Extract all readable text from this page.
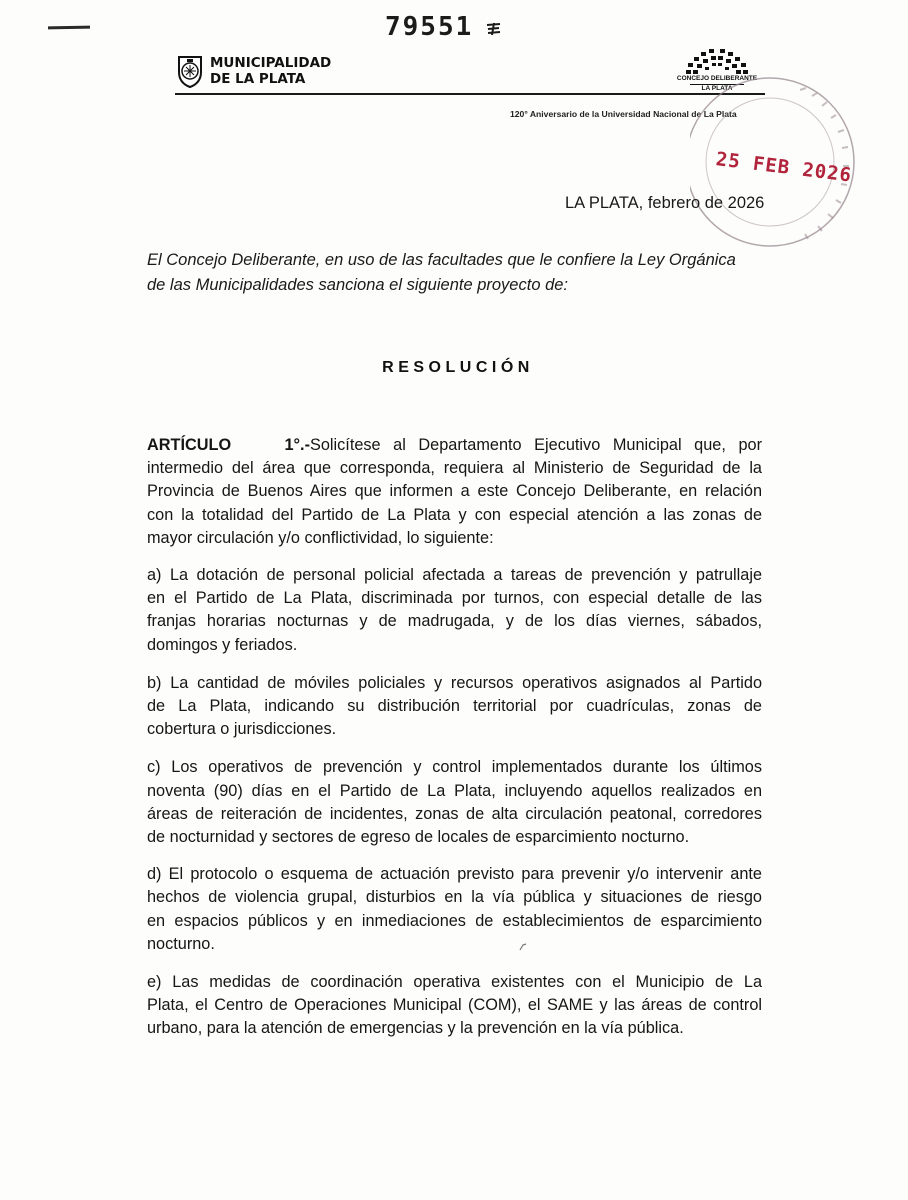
79551
MUNICIPALIDAD
DE LA PLATA	CONCEJO DELIBERANTE
LA PLATA
120° Aniversario de la Universidad Nacional de La Plata
25 FEB 2026
LA PLATA, febrero de 2026
El Concejo Deliberante, en uso de las facultades que le confiere la Ley Orgánica
de las Municipalidades sanciona el siguiente proyecto de:
RESOLUCIÓN
ARTÍCULO 1°.-Solicítese al Departamento Ejecutivo Municipal que, por
intermedio del área que corresponda, requiera al Ministerio de Seguridad de la
Provincia de Buenos Aires que informen a este Concejo Deliberante, en relación
con la totalidad del Partido de La Plata y con especial atención a las zonas de
mayor circulación y/o conflictividad, lo siguiente:
a) La dotación de personal policial afectada a tareas de prevención y patrullaje
en el Partido de La Plata, discriminada por turnos, con especial detalle de las
franjas horarias nocturnas y de madrugada, y de los días viernes, sábados,
domingos y feriados.
b) La cantidad de móviles policiales y recursos operativos asignados al Partido
de La Plata, indicando su distribución territorial por cuadrículas, zonas de
cobertura o jurisdicciones.
c) Los operativos de prevención y control implementados durante los últimos
noventa (90) días en el Partido de La Plata, incluyendo aquellos realizados en
áreas de reiteración de incidentes, zonas de alta circulación peatonal, corredores
de nocturnidad y sectores de egreso de locales de esparcimiento nocturno.
d) El protocolo o esquema de actuación previsto para prevenir y/o intervenir ante
hechos de violencia grupal, disturbios en la vía pública y situaciones de riesgo
en espacios públicos y en inmediaciones de establecimientos de esparcimiento
nocturno.
e) Las medidas de coordinación operativa existentes con el Municipio de La
Plata, el Centro de Operaciones Municipal (COM), el SAME y las áreas de control
urbano, para la atención de emergencias y la prevención en la vía pública.
